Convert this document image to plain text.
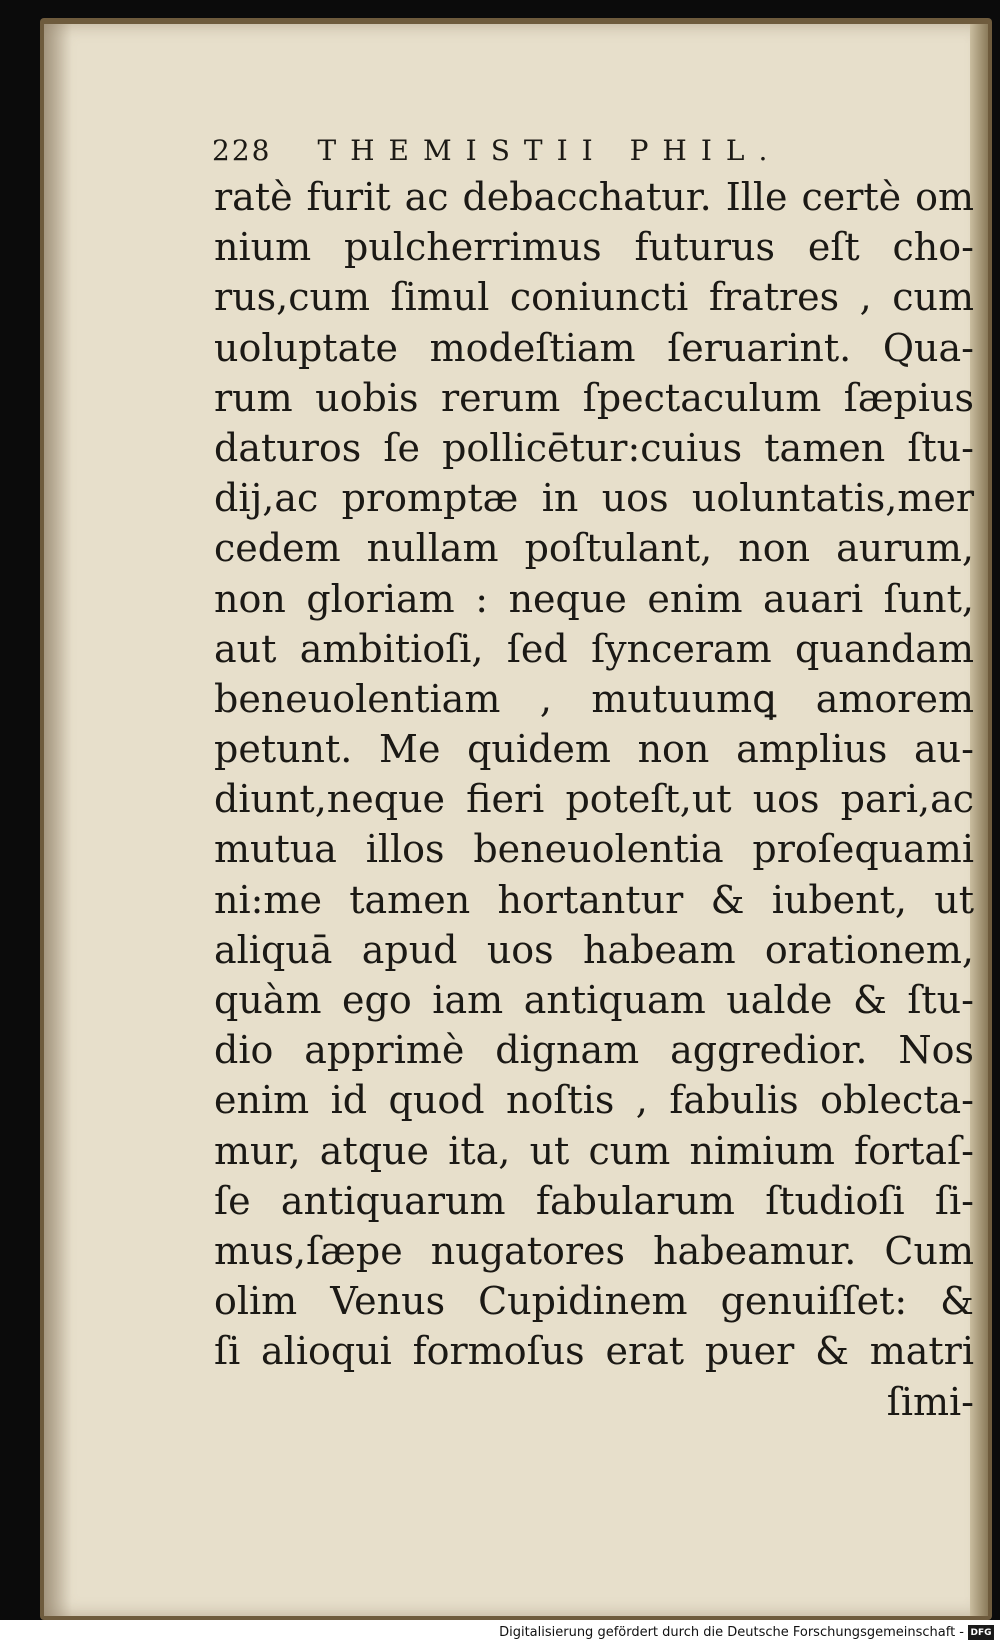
228 THEMISTII PHIL.
ratè furit ac debacchatur. Ille certè om
nium pulcherrimus futurus eſt cho-
rus,cum ſimul coniuncti fratres , cum
uoluptate modeſtiam ſeruarint. Qua-
rum uobis rerum ſpectaculum ſæpius
daturos ſe pollicētur:cuius tamen ſtu-
dij,ac promptæ in uos uoluntatis,mer
cedem nullam poſtulant, non aurum,
non gloriam : neque enim auari ſunt,
aut ambitioſi, ſed ſynceram quandam
beneuolentiam , mutuumꝗ amorem
petunt. Me quidem non amplius au-
diunt,neque fieri poteſt,ut uos pari,ac
mutua illos beneuolentia proſequami
ni:me tamen hortantur & iubent, ut
aliquā apud uos habeam orationem,
quàm ego iam antiquam ualde & ſtu-
dio apprimè dignam aggredior. Nos
enim id quod noſtis , fabulis oblecta-
mur, atque ita, ut cum nimium fortaſ-
ſe antiquarum fabularum ſtudioſi ſi-
mus,ſæpe nugatores habeamur. Cum
olim Venus Cupidinem genuiſſet: &
ſi alioqui formoſus erat puer & matri
ſimi-
Digitalisierung gefördert durch die Deutsche Forschungsgemeinschaft - DFG
